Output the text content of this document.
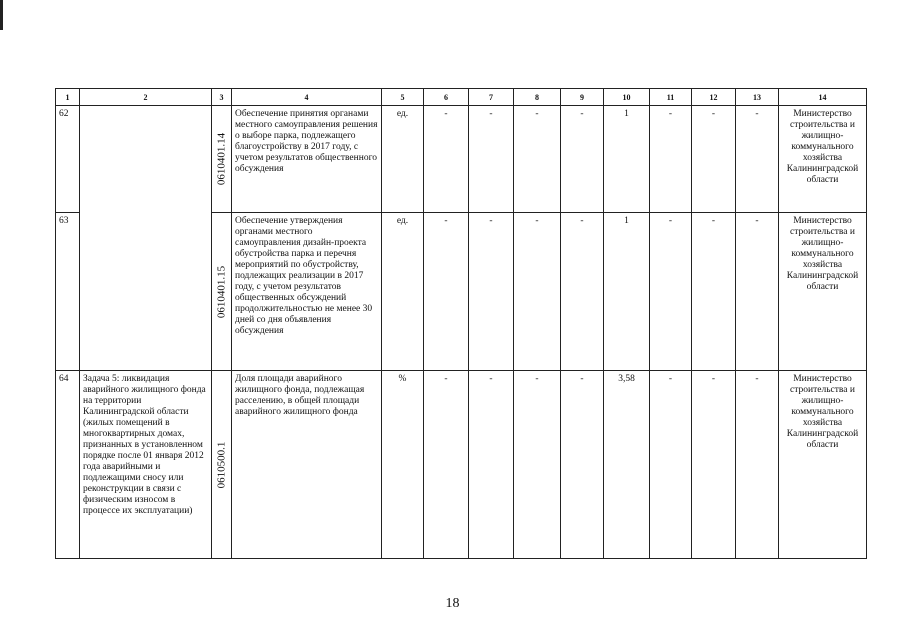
1	2	3	4	5	6	7	8	9	10	11	12	13	14
62		0610401.14	Обеспечение принятия органами местного самоуправления решения о выборе парка, подлежащего благоустройству в 2017 году, с учетом результатов общественного обсуждения	ед.	-	-	-	-	1	-	-	-	Министерство строительства и жилищно-коммунального хозяйства Калининградской области
63		0610401.15	Обеспечение утверждения органами местного самоуправления дизайн-проекта обустройства парка и перечня мероприятий по обустройству, подлежащих реализации в 2017 году, с учетом результатов общественных обсуждений продолжительностью не менее 30 дней со дня объявления обсуждения	ед.	-	-	-	-	1	-	-	-	Министерство строительства и жилищно-коммунального хозяйства Калининградской области
64	Задача 5: ликвидация аварийного жилищного фонда на территории Калининградской области (жилых помещений в многоквартирных домах, признанных в установленном порядке после 01 января 2012 года аварийными и подлежащими сносу или реконструкции в связи с физическим износом в процессе их эксплуатации)	0610500.1	Доля площади аварийного жилищного фонда, подлежащая расселению, в общей площади аварийного жилищного фонда	%	-	-	-	-	3,58	-	-	-	Министерство строительства и жилищно-коммунального хозяйства Калининградской области
18
